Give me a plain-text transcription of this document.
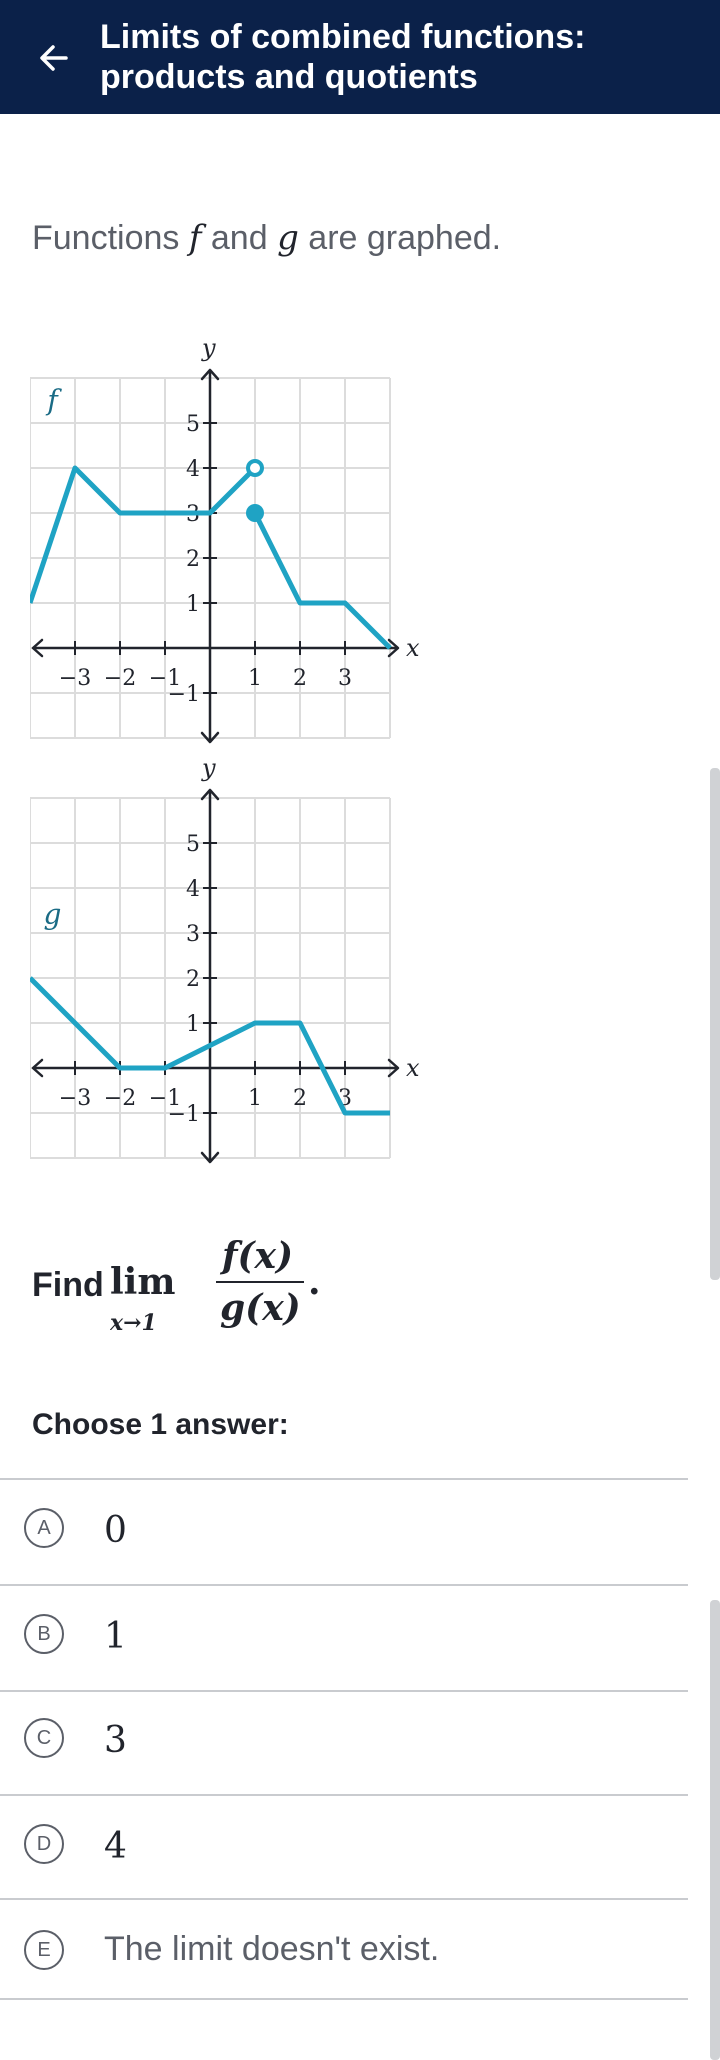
Limits of combined functions:
products and quotients
Functions f and g are graphed.
x
y
−3 −2 −1	1 2 3
−1
1
2
3
4
5
f
x
y
−3 −2 −1	1 2 3
−1
1
2
3
4
5
g
Find lim
x→1
f(x)
g(x)
.
Choose 1 answer:
A	0
B	1
C	3
D	4
E	The limit doesn't exist.
